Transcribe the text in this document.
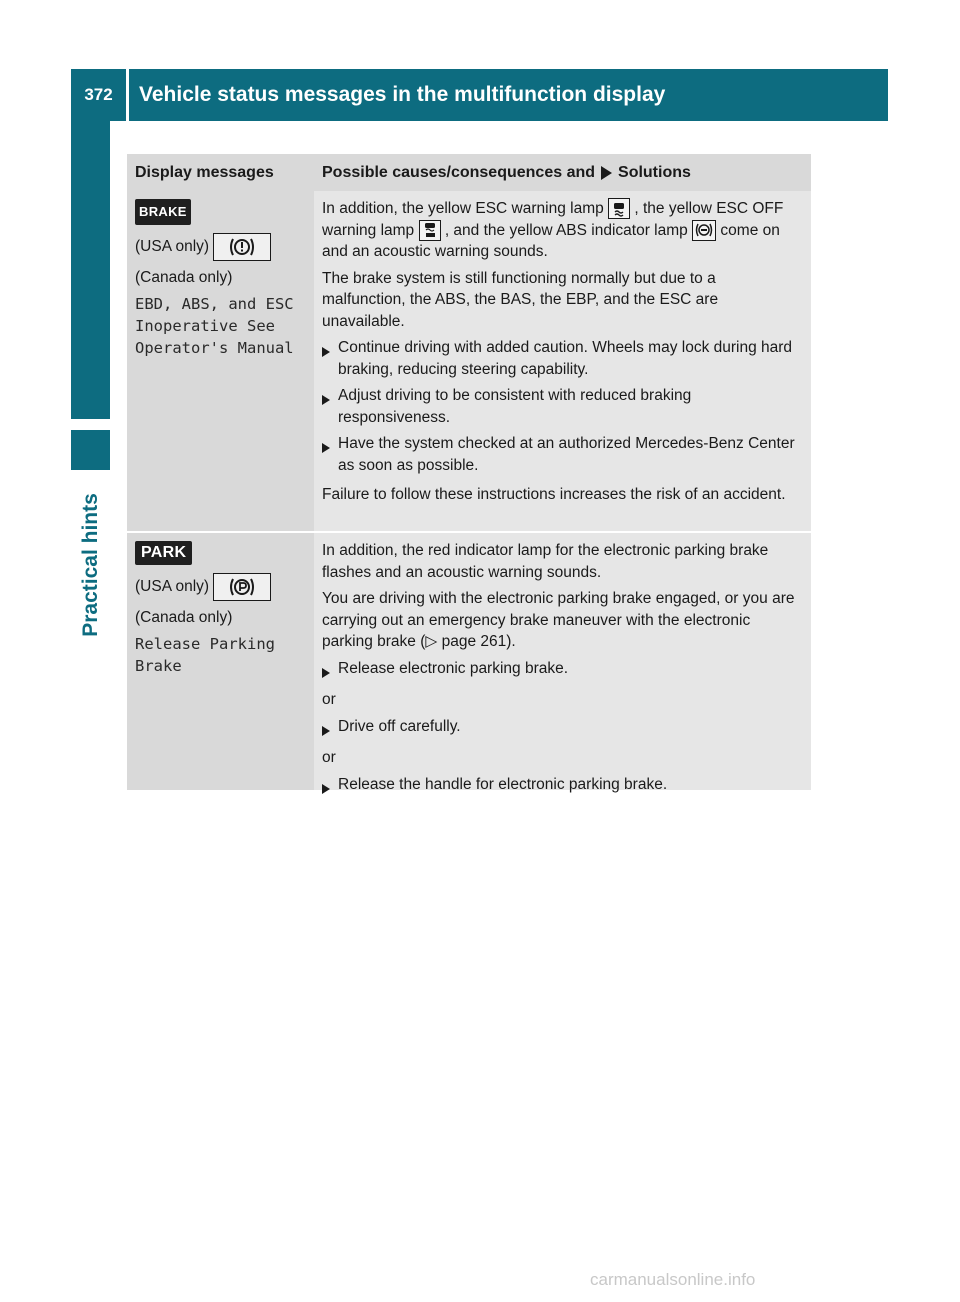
372	Vehicle status messages in the multifunction display
Practical hints
Display messages	Possible causes/consequences and Solutions
BRAKE
(USA only)
(Canada only)
EBD, ABS, and ESC
Inoperative See
Operator's Manual

In addition, the yellow ESC warning lamp , the yellow ESC OFF warning lamp , and the yellow ABS indicator lamp come on and an acoustic warning sounds.

The brake system is still functioning normally but due to a malfunction, the ABS, the BAS, the EBP, and the ESC are unavailable.

Continue driving with added caution. Wheels may lock during hard braking, reducing steering capability.
Adjust driving to be consistent with reduced braking responsiveness.
Have the system checked at an authorized Mercedes-Benz Center as soon as possible.

Failure to follow these instructions increases the risk of an accident.

PARK
(USA only)
(Canada only)
Release Parking
Brake

In addition, the red indicator lamp for the electronic parking brake flashes and an acoustic warning sounds.

You are driving with the electronic parking brake engaged, or you are carrying out an emergency brake maneuver with the electronic parking brake (▷ page 261).

Release electronic parking brake.
or
Drive off carefully.
or
Release the handle for electronic parking brake.
carmanualsonline.info
